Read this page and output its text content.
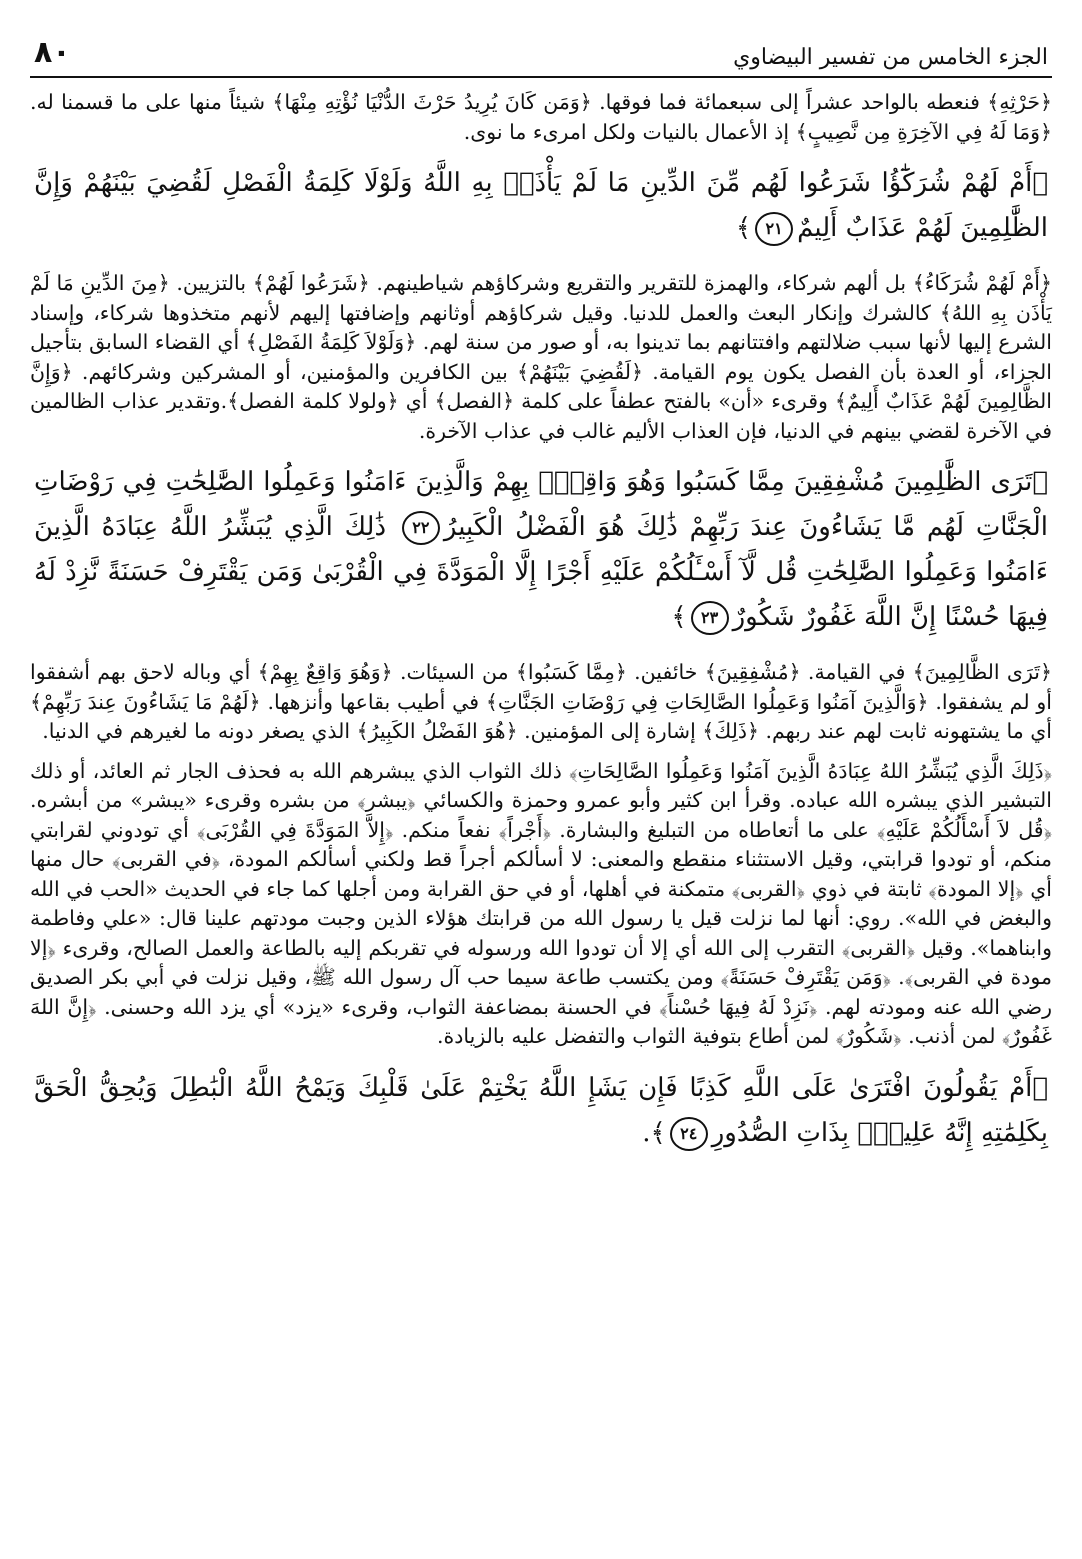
الجزء الخامس من تفسير البيضاوي
٨٠

﴿حَرْثِهِ﴾ فنعطه بالواحد عشراً إلى سبعمائة فما فوقها. ﴿وَمَن كَانَ يُرِيدُ حَرْثَ الدُّنْيَا نُؤْتِهِ مِنْهَا﴾ شيئاً منها على ما قسمنا له. ﴿وَمَا لَهُ فِي الآخِرَةِ مِن نَّصِيبٍ﴾ إذ الأعمال بالنيات ولكل امرىء ما نوى.

﴿أَمْ لَهُمْ شُرَكَٰٓؤُا شَرَعُوا لَهُم مِّنَ الدِّينِ مَا لَمْ يَأْذَنۢ بِهِ اللَّهُ وَلَوْلَا كَلِمَةُ الْفَصْلِ لَقُضِيَ بَيْنَهُمْ وَإِنَّ الظَّٰلِمِينَ لَهُمْ عَذَابٌ أَلِيمٌ٢١﴾

﴿أَمْ لَهُمْ شُرَكَاءُ﴾ بل ألهم شركاء، والهمزة للتقرير والتقريع وشركاؤهم شياطينهم. ﴿شَرَعُوا لَهُمْ﴾ بالتزيين. ﴿مِنَ الدِّينِ مَا لَمْ يَأْذَن بِهِ اللهُ﴾ كالشرك وإنكار البعث والعمل للدنيا. وقيل شركاؤهم أوثانهم وإضافتها إليهم لأنهم متخذوها شركاء، وإسناد الشرع إليها لأنها سبب ضلالتهم وافتتانهم بما تدينوا به، أو صور من سنة لهم. ﴿وَلَوْلاَ كَلِمَةُ الفَصْلِ﴾ أي القضاء السابق بتأجيل الجزاء، أو العدة بأن الفصل يكون يوم القيامة. ﴿لَقُضِيَ بَيْنَهُمْ﴾ بين الكافرين والمؤمنين، أو المشركين وشركائهم. ﴿وَإِنَّ الظَّالِمِينَ لَهُمْ عَذَابٌ أَلِيمٌ﴾ وقرىء «أن» بالفتح عطفاً على كلمة ﴿الفصل﴾ أي ﴿ولولا كلمة الفصل﴾.وتقدير عذاب الظالمين في الآخرة لقضي بينهم في الدنيا، فإن العذاب الأليم غالب في عذاب الآخرة.

﴿تَرَى الظَّٰلِمِينَ مُشْفِقِينَ مِمَّا كَسَبُوا وَهُوَ وَاقِعٌۢ بِهِمْ وَالَّذِينَ ءَامَنُوا وَعَمِلُوا الصَّٰلِحَٰتِ فِي رَوْضَاتِ الْجَنَّاتِ لَهُم مَّا يَشَاءُونَ عِندَ رَبِّهِمْ ذَٰلِكَ هُوَ الْفَضْلُ الْكَبِيرُ٢٢ ذَٰلِكَ الَّذِي يُبَشِّرُ اللَّهُ عِبَادَهُ الَّذِينَ ءَامَنُوا وَعَمِلُوا الصَّٰلِحَٰتِ قُل لَّآ أَسْـَٔلُكُمْ عَلَيْهِ أَجْرًا إِلَّا الْمَوَدَّةَ فِي الْقُرْبَىٰ وَمَن يَقْتَرِفْ حَسَنَةً نَّزِدْ لَهُ فِيهَا حُسْنًا إِنَّ اللَّهَ غَفُورٌ شَكُورٌ٢٣﴾

﴿تَرَى الظَّالِمِينَ﴾ في القيامة. ﴿مُشْفِقِينَ﴾ خائفين. ﴿مِمَّا كَسَبُوا﴾ من السيئات. ﴿وَهُوَ وَاقِعٌ بِهِمْ﴾ أي وباله لاحق بهم أشفقوا أو لم يشفقوا. ﴿وَالَّذِينَ آمَنُوا وَعَمِلُوا الصَّالِحَاتِ فِي رَوْضَاتِ الجَنَّاتِ﴾ في أطيب بقاعها وأنزهها. ﴿لَهُمْ مَا يَشَاءُونَ عِندَ رَبِّهِمْ﴾ أي ما يشتهونه ثابت لهم عند ربهم. ﴿ذَلِكَ﴾ إشارة إلى المؤمنين. ﴿هُوَ الفَضْلُ الكَبِيرُ﴾ الذي يصغر دونه ما لغيرهم في الدنيا.

﴿ذَلِكَ الَّذِي يُبَشِّرُ اللهُ عِبَادَهُ الَّذِينَ آمَنُوا وَعَمِلُوا الصَّالِحَاتِ﴾ ذلك الثواب الذي يبشرهم الله به فحذف الجار ثم العائد، أو ذلك التبشير الذي يبشره الله عباده. وقرأ ابن كثير وأبو عمرو وحمزة والكسائي ﴿يبشر﴾ من بشره وقرىء «يبشر» من أبشره. ﴿قُل لاَ أَسْأَلُكُمْ عَلَيْهِ﴾ على ما أتعاطاه من التبليغ والبشارة. ﴿أَجْراً﴾ نفعاً منكم. ﴿إِلاَّ المَوَدَّةَ فِي القُرْبَى﴾ أي تودوني لقرابتي منكم، أو تودوا قرابتي، وقيل الاستثناء منقطع والمعنى: لا أسألكم أجراً قط ولكني أسألكم المودة، ﴿في القربى﴾ حال منها أي ﴿إلا المودة﴾ ثابتة في ذوي ﴿القربى﴾ متمكنة في أهلها، أو في حق القرابة ومن أجلها كما جاء في الحديث «الحب في الله والبغض في الله». روي: أنها لما نزلت قيل يا رسول الله من قرابتك هؤلاء الذين وجبت مودتهم علينا قال: «علي وفاطمة وابناهما». وقيل ﴿القربى﴾ التقرب إلى الله أي إلا أن تودوا الله ورسوله في تقربكم إليه بالطاعة والعمل الصالح، وقرىء ﴿إلا مودة في القربى﴾. ﴿وَمَن يَقْتَرِفْ حَسَنَةً﴾ ومن يكتسب طاعة سيما حب آل رسول الله ﷺ، وقيل نزلت في أبي بكر الصديق رضي الله عنه ومودته لهم. ﴿نَزِدْ لَهُ فِيهَا حُسْناً﴾ في الحسنة بمضاعفة الثواب، وقرىء «يزد» أي يزد الله وحسنى. ﴿إِنَّ اللهَ غَفُورٌ﴾ لمن أذنب. ﴿شَكُورٌ﴾ لمن أطاع بتوفية الثواب والتفضل عليه بالزيادة.

﴿أَمْ يَقُولُونَ افْتَرَىٰ عَلَى اللَّهِ كَذِبًا فَإِن يَشَإِ اللَّهُ يَخْتِمْ عَلَىٰ قَلْبِكَ وَيَمْحُ اللَّهُ الْبَٰطِلَ وَيُحِقُّ الْحَقَّ بِكَلِمَٰتِهِ إِنَّهُ عَلِيمٌۢ بِذَاتِ الصُّدُورِ٢٤﴾.
